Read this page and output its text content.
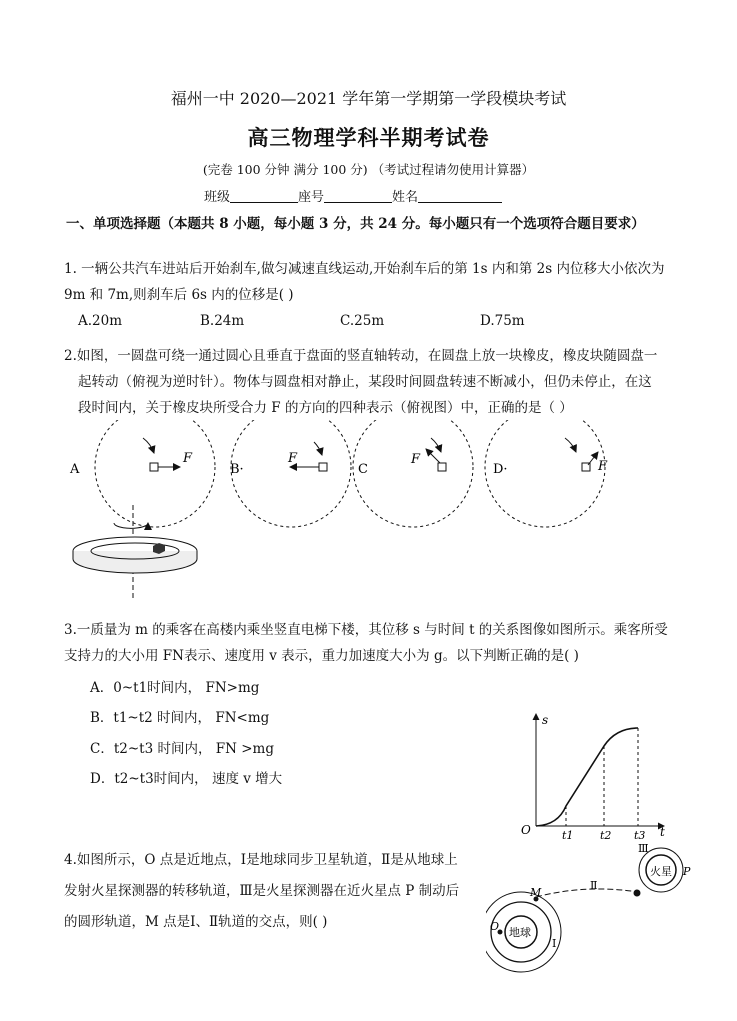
福州一中 2020—2021 学年第一学期第一学段模块考试
高三物理学科半期考试卷
(完卷 100 分钟 满分 100 分) （考试过程请勿使用计算器）
班级	座号	姓名
一、单项选择题（本题共 8 小题，每小题 3 分，共 24 分。每小题只有一个选项符合题目要求）
1. 一辆公共汽车进站后开始刹车,做匀减速直线运动,开始刹车后的第 1s 内和第 2s 内位移大小依次为
9m 和 7m,则刹车后 6s 内的位移是( )
A.20m	B.24m	C.25m	D.75m
2.如图，一圆盘可绕一通过圆心且垂直于盘面的竖直轴转动，在圆盘上放一块橡皮，橡皮块随圆盘一
起转动（俯视为逆时针）。物体与圆盘相对静止，某段时间圆盘转速不断减小，但仍未停止，在这
段时间内，关于橡皮块所受合力 F 的方向的四种表示（俯视图）中，正确的是（ ）
A
F
B·
F
C
F
D·	F
3.一质量为 m 的乘客在高楼内乘坐竖直电梯下楼，其位移 s 与时间 t 的关系图像如图所示。乘客所受
支持力的大小用 FN表示、速度用 v 表示，重力加速度大小为 g。以下判断正确的是( )
A．0~t1时间内， FN>mg
B．t1~t2 时间内， FN<mg
C．t2~t3 时间内， FN >mg
D．t2~t3时间内， 速度 v 增大
s
t
O	t1 t2 t3
4.如图所示，O 点是近地点，Ⅰ是地球同步卫星轨道，Ⅱ是从地球上
发射火星探测器的转移轨道，Ⅲ是火星探测器在近火星点 P 制动后
的圆形轨道，M 点是Ⅰ、Ⅱ轨道的交点，则( )
火星
Ⅲ
P
Ⅱ
地球
O
M
Ⅰ
